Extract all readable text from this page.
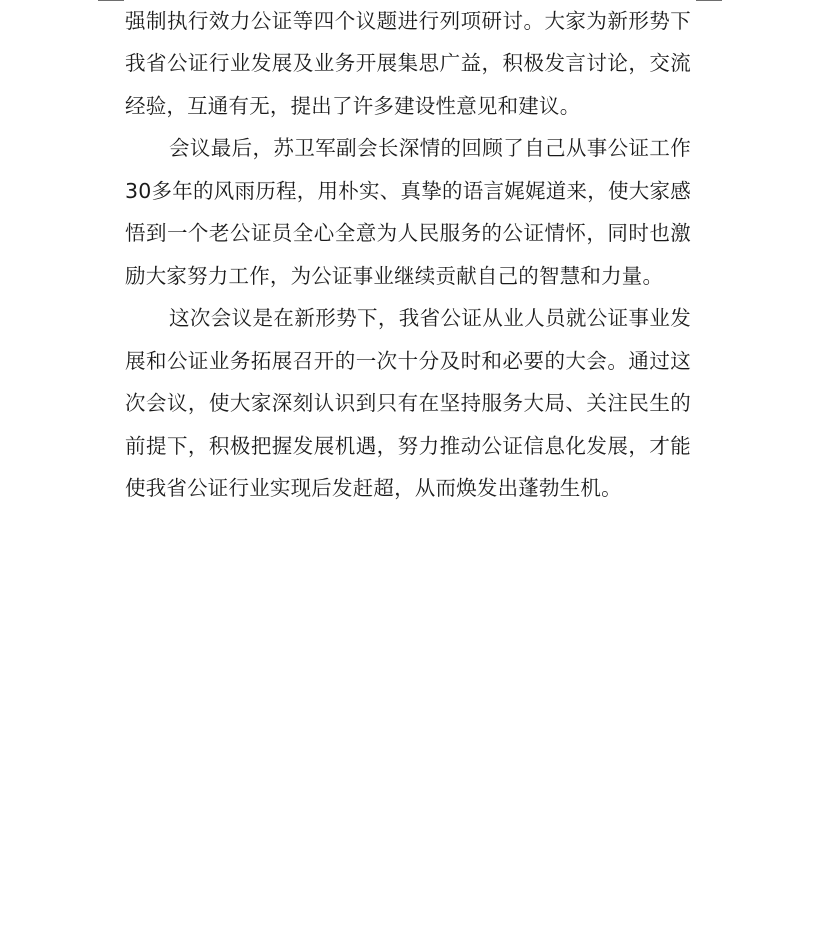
强制执行效力公证等四个议题进行列项研讨。大家为新形势下我省公证行业发展及业务开展集思广益，积极发言讨论，交流经验，互通有无，提出了许多建设性意见和建议。

会议最后，苏卫军副会长深情的回顾了自己从事公证工作30多年的风雨历程，用朴实、真挚的语言娓娓道来，使大家感悟到一个老公证员全心全意为人民服务的公证情怀，同时也激励大家努力工作，为公证事业继续贡献自己的智慧和力量。

这次会议是在新形势下，我省公证从业人员就公证事业发展和公证业务拓展召开的一次十分及时和必要的大会。通过这次会议，使大家深刻认识到只有在坚持服务大局、关注民生的前提下，积极把握发展机遇，努力推动公证信息化发展，才能使我省公证行业实现后发赶超，从而焕发出蓬勃生机。
